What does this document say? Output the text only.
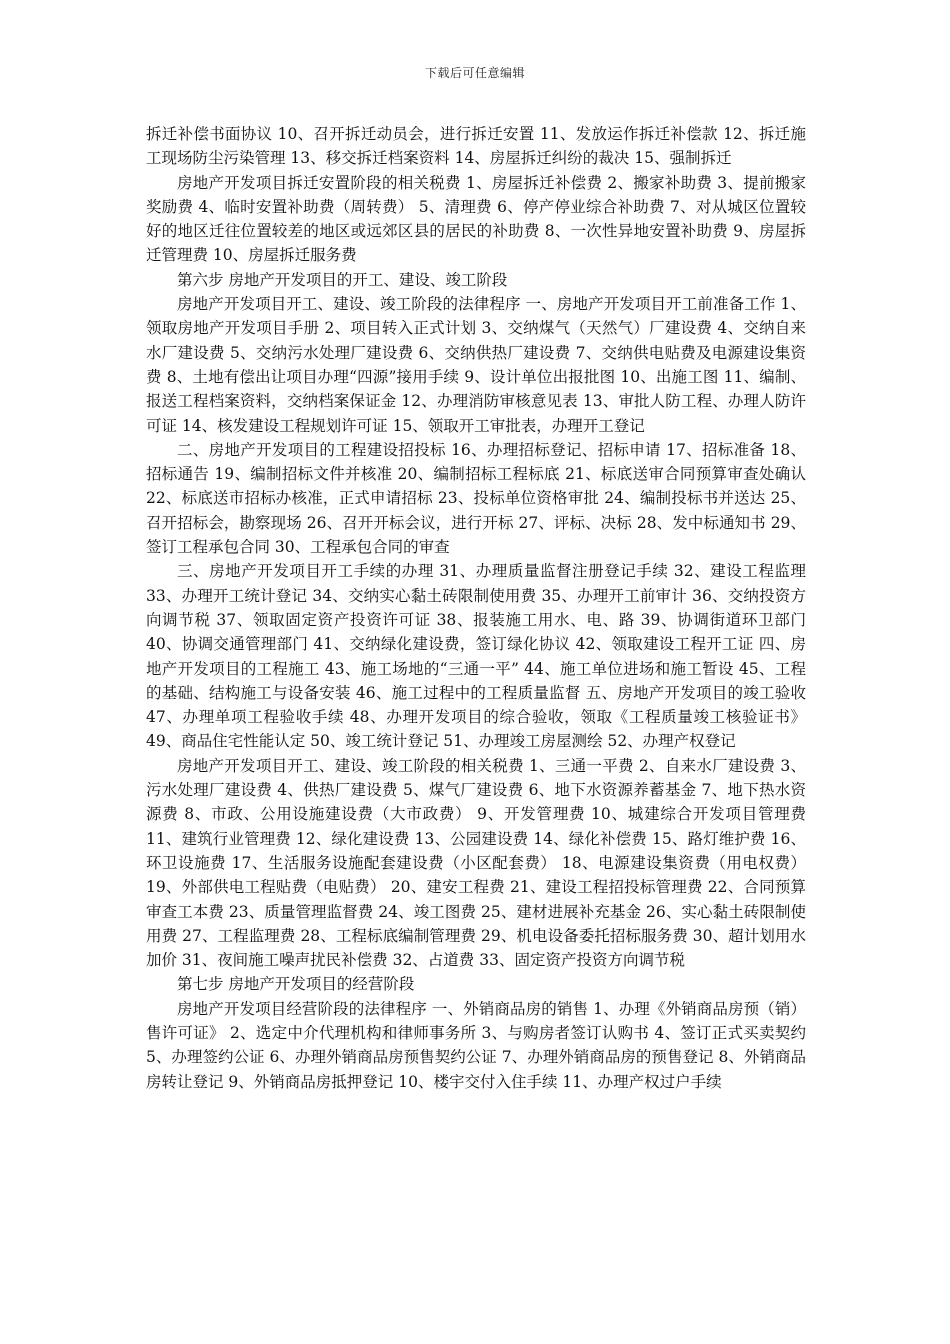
下载后可任意编辑

拆迁补偿书面协议 10、召开拆迁动员会，进行拆迁安置 11、发放运作拆迁补偿款 12、拆迁施工现场防尘污染管理 13、移交拆迁档案资料 14、房屋拆迁纠纷的裁决 15、强制拆迁

房地产开发项目拆迁安置阶段的相关税费 1、房屋拆迁补偿费 2、搬家补助费 3、提前搬家奖励费 4、临时安置补助费（周转费） 5、清理费 6、停产停业综合补助费 7、对从城区位置较好的地区迁往位置较差的地区或远郊区县的居民的补助费 8、一次性异地安置补助费 9、房屋拆迁管理费 10、房屋拆迁服务费

第六步 房地产开发项目的开工、建设、竣工阶段

房地产开发项目开工、建设、竣工阶段的法律程序 一、房地产开发项目开工前准备工作 1、领取房地产开发项目手册 2、项目转入正式计划 3、交纳煤气（天然气）厂建设费 4、交纳自来水厂建设费 5、交纳污水处理厂建设费 6、交纳供热厂建设费 7、交纳供电贴费及电源建设集资费 8、土地有偿出让项目办理“四源”接用手续 9、设计单位出报批图 10、出施工图 11、编制、报送工程档案资料，交纳档案保证金 12、办理消防审核意见表 13、审批人防工程、办理人防许可证 14、核发建设工程规划许可证 15、领取开工审批表，办理开工登记

二、房地产开发项目的工程建设招投标 16、办理招标登记、招标申请 17、招标准备 18、招标通告 19、编制招标文件并核准 20、编制招标工程标底 21、标底送审合同预算审查处确认 22、标底送市招标办核准，正式申请招标 23、投标单位资格审批 24、编制投标书并送达 25、召开招标会，勘察现场 26、召开开标会议，进行开标 27、评标、决标 28、发中标通知书 29、签订工程承包合同 30、工程承包合同的审查

三、房地产开发项目开工手续的办理 31、办理质量监督注册登记手续 32、建设工程监理 33、办理开工统计登记 34、交纳实心黏土砖限制使用费 35、办理开工前审计 36、交纳投资方向调节税 37、领取固定资产投资许可证 38、报装施工用水、电、路 39、协调街道环卫部门 40、协调交通管理部门 41、交纳绿化建设费，签订绿化协议 42、领取建设工程开工证 四、房地产开发项目的工程施工 43、施工场地的“三通一平” 44、施工单位进场和施工暂设 45、工程的基础、结构施工与设备安装 46、施工过程中的工程质量监督 五、房地产开发项目的竣工验收 47、办理单项工程验收手续 48、办理开发项目的综合验收，领取《工程质量竣工核验证书》 49、商品住宅性能认定 50、竣工统计登记 51、办理竣工房屋测绘 52、办理产权登记

房地产开发项目开工、建设、竣工阶段的相关税费 1、三通一平费 2、自来水厂建设费 3、污水处理厂建设费 4、供热厂建设费 5、煤气厂建设费 6、地下水资源养蓄基金 7、地下热水资源费 8、市政、公用设施建设费（大市政费） 9、开发管理费 10、城建综合开发项目管理费 11、建筑行业管理费 12、绿化建设费 13、公园建设费 14、绿化补偿费 15、路灯维护费 16、环卫设施费 17、生活服务设施配套建设费（小区配套费） 18、电源建设集资费（用电权费） 19、外部供电工程贴费（电贴费） 20、建安工程费 21、建设工程招投标管理费 22、合同预算审查工本费 23、质量管理监督费 24、竣工图费 25、建材进展补充基金 26、实心黏土砖限制使用费 27、工程监理费 28、工程标底编制管理费 29、机电设备委托招标服务费 30、超计划用水加价 31、夜间施工噪声扰民补偿费 32、占道费 33、固定资产投资方向调节税

第七步 房地产开发项目的经营阶段

房地产开发项目经营阶段的法律程序 一、外销商品房的销售 1、办理《外销商品房预（销）售许可证》 2、选定中介代理机构和律师事务所 3、与购房者签订认购书 4、签订正式买卖契约 5、办理签约公证 6、办理外销商品房预售契约公证 7、办理外销商品房的预售登记 8、外销商品房转让登记 9、外销商品房抵押登记 10、楼宇交付入住手续 11、办理产权过户手续
